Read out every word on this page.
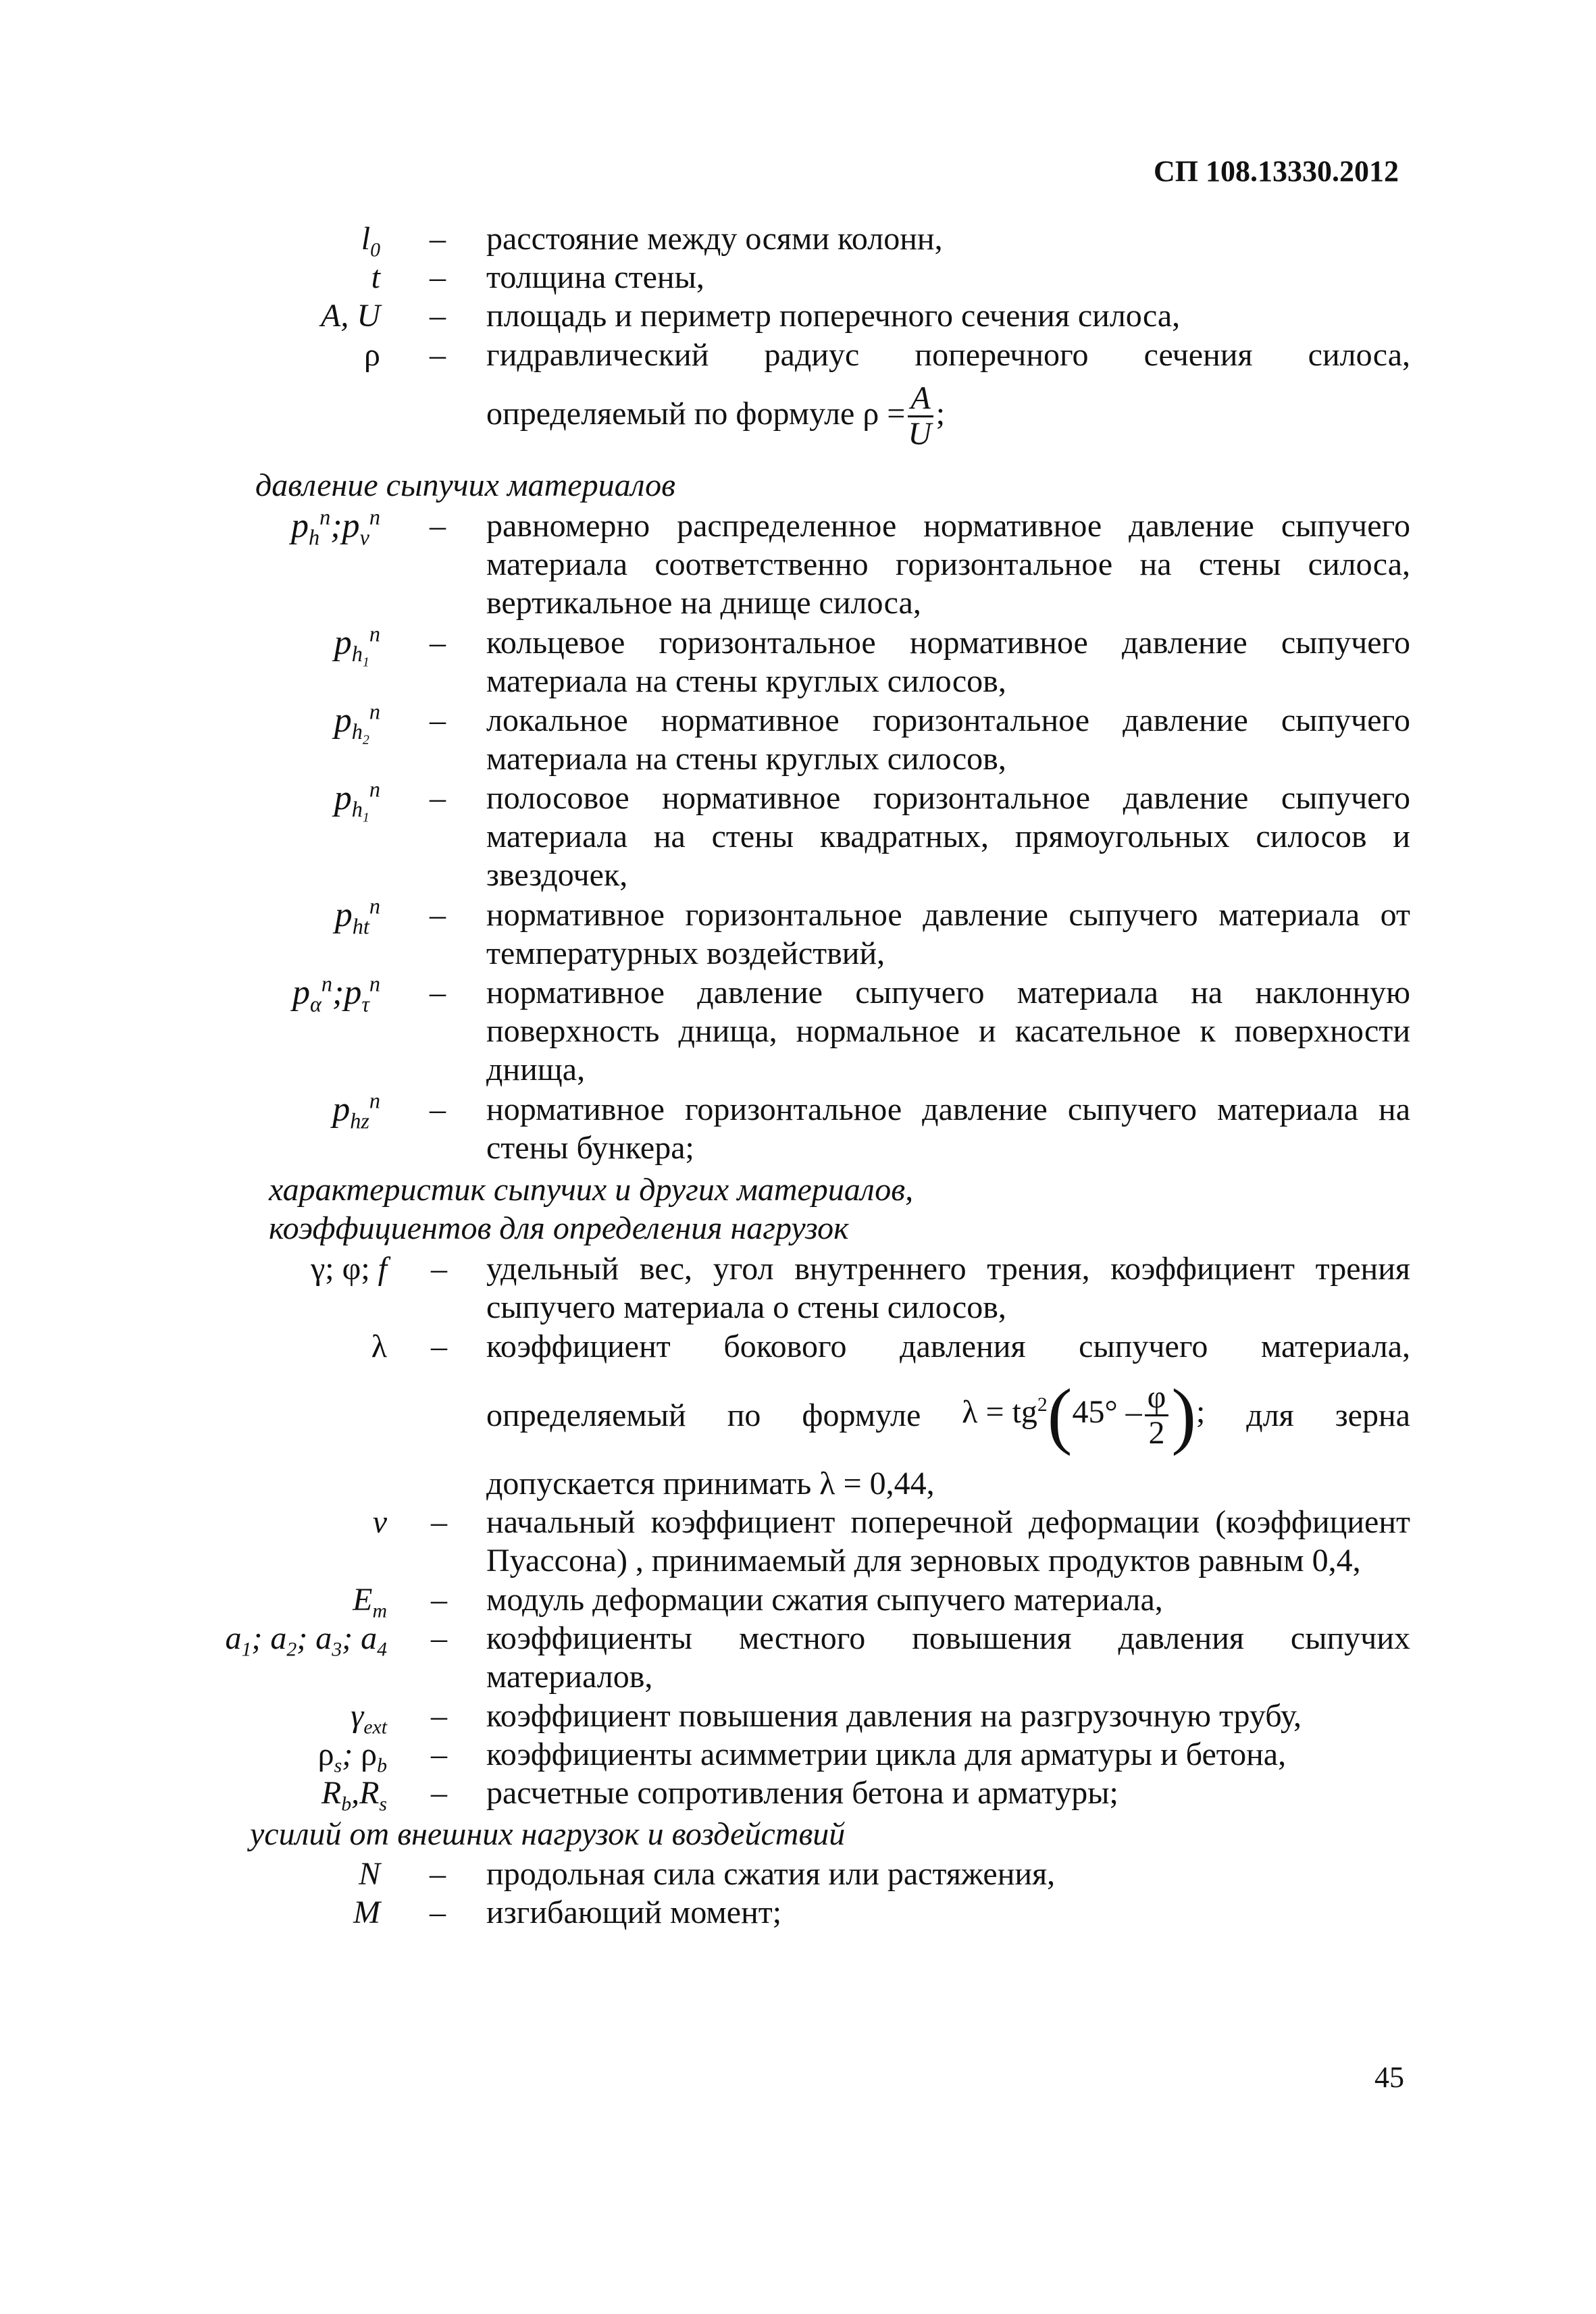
СП 108.13330.2012
$l_0$ – расстояние между осями колонн,
t – толщина стены,
A, U – площадь и периметр поперечного сечения силоса,
ρ – гидравлический радиус поперечного сечения силоса,
определяемый по формуле $\rho = \frac{A}{U}$ ;
давление сыпучих материалов
$p_h^n;p_v^n$ – равномерно распределенное нормативное давление сыпучего материала соответственно горизонтальное на стены силоса, вертикальное на днище силоса,
$p_{h_1}^n$ – кольцевое горизонтальное нормативное давление сыпучего материала на стены круглых силосов,
$p_{h_2}^n$ – локальное нормативное горизонтальное давление сыпучего материала на стены круглых силосов,
$p_{h_1}^n$ – полосовое нормативное горизонтальное давление сыпучего материала на стены квадратных, прямоугольных силосов и звездочек,
$p_{ht}^n$ – нормативное горизонтальное давление сыпучего материала от температурных воздействий,
$p_\alpha^n;p_\tau^n$ – нормативное давление сыпучего материала на наклонную поверхность днища, нормальное и касательное к поверхности днища,
$p_{hz}^n$ – нормативное горизонтальное давление сыпучего материала на стены бункера;
характеристик сыпучих и других материалов,
коэффициентов для определения нагрузок
γ; φ; f – удельный вес, угол внутреннего трения, коэффициент трения сыпучего материала о стены силосов,
λ – коэффициент бокового давления сыпучего материала,
определяемый по формуле $\lambda = tg^2(45^\circ - \frac{\varphi}{2}$ ); для зерна
допускается принимать λ = 0,44,
ν – начальный коэффициент поперечной деформации (коэффициент Пуассона) , принимаемый для зерновых продуктов равным 0,4,
$E_m$ – модуль деформации сжатия сыпучего материала,
$a_1$; $a_2$; $a_3$; $a_4$ – коэффициенты местного повышения давления сыпучих материалов,
$\gamma_{ext}$ – коэффициент повышения давления на разгрузочную трубу,
$\rho_s$; $\rho_b$ – коэффициенты асимметрии цикла для арматуры и бетона,
$R_b,R_s$ – расчетные сопротивления бетона и арматуры;
усилий от внешних нагрузок и воздействий
N – продольная сила сжатия или растяжения,
M – изгибающий момент;
45
